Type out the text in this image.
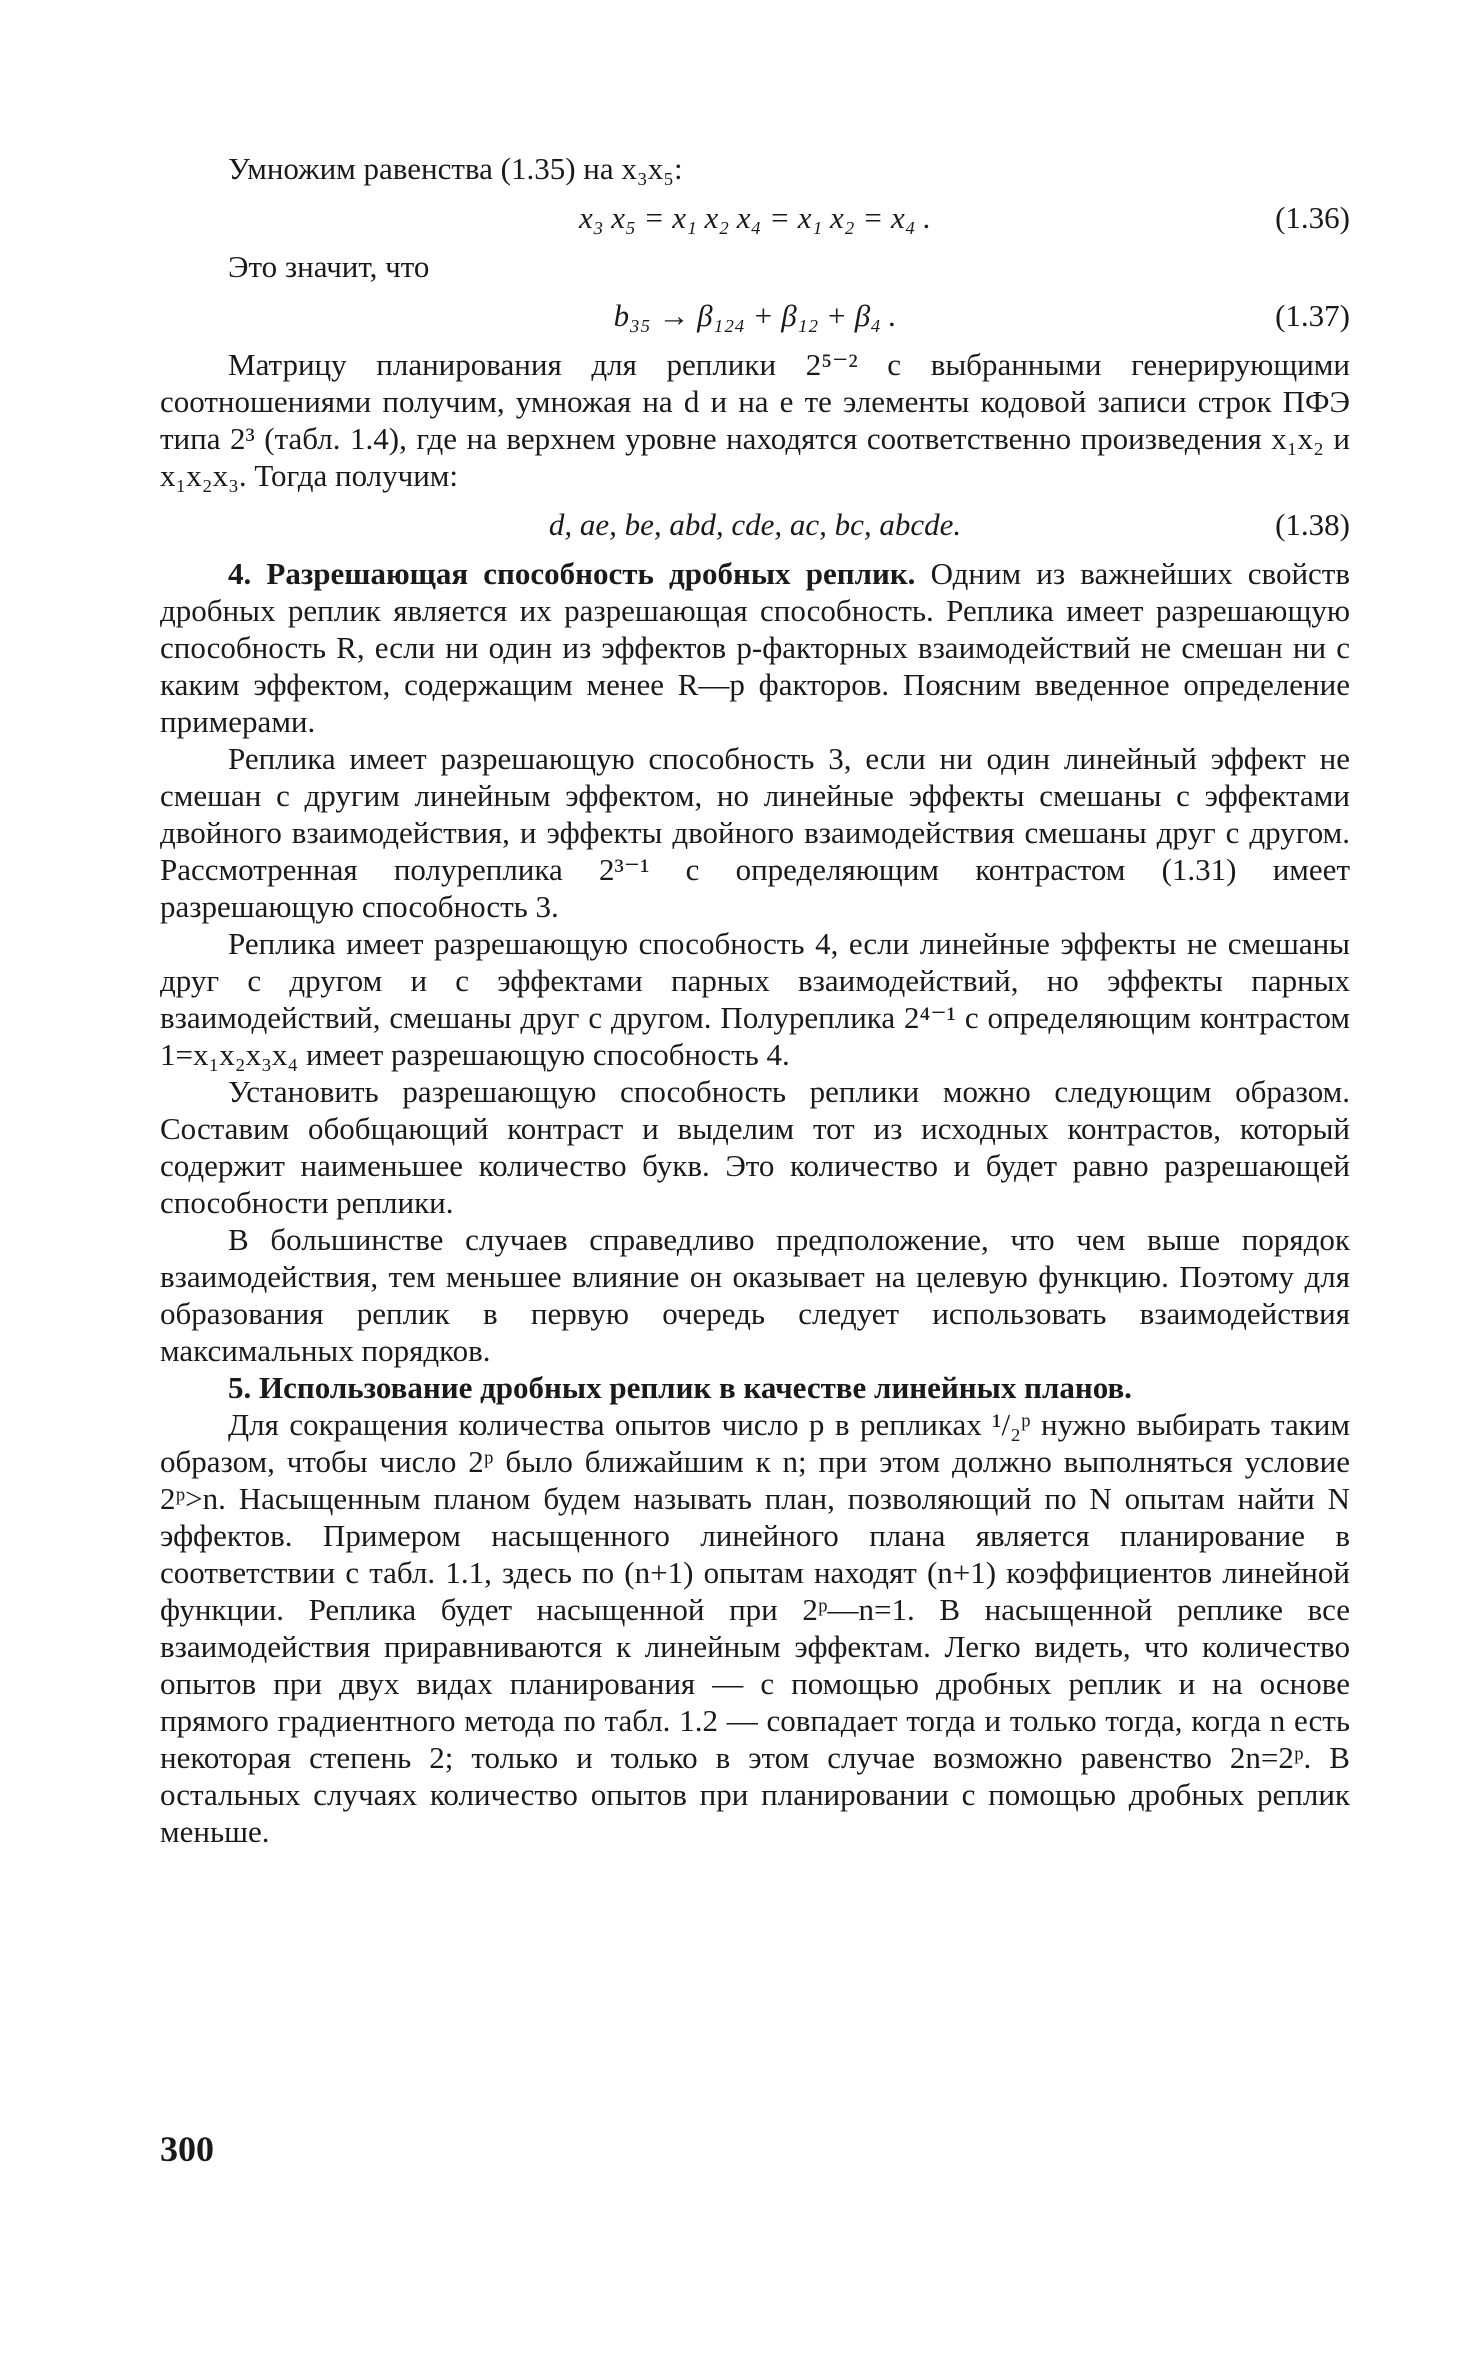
Умножим равенства (1.35) на x₃x₅:

x₃ x₅ = x₁ x₂ x₄ = x₁ x₂ = x₄ .	(1.36)

Это значит, что

b₃₅ → β₁₂₄ + β₁₂ + β₄ .	(1.37)

Матрицу планирования для реплики 2⁵⁻² с выбранными генерирующими соотношениями получим, умножая на d и на e те элементы кодовой записи строк ПФЭ типа 2³ (табл. 1.4), где на верхнем уровне находятся соответственно произведения x₁x₂ и x₁x₂x₃. Тогда получим:

d, ae, be, abd, cde, ac, bc, abcde.	(1.38)

4. Разрешающая способность дробных реплик. Одним из важнейших свойств дробных реплик является их разрешающая способность. Реплика имеет разрешающую способность R, если ни один из эффектов p-факторных взаимодействий не смешан ни с каким эффектом, содержащим менее R—p факторов. Поясним введенное определение примерами.

Реплика имеет разрешающую способность 3, если ни один линейный эффект не смешан с другим линейным эффектом, но линейные эффекты смешаны с эффектами двойного взаимодействия, и эффекты двойного взаимодействия смешаны друг с другом. Рассмотренная полуреплика 2³⁻¹ с определяющим контрастом (1.31) имеет разрешающую способность 3.

Реплика имеет разрешающую способность 4, если линейные эффекты не смешаны друг с другом и с эффектами парных взаимодействий, но эффекты парных взаимодействий, смешаны друг с другом. Полуреплика 2⁴⁻¹ с определяющим контрастом 1=x₁x₂x₃x₄ имеет разрешающую способность 4.

Установить разрешающую способность реплики можно следующим образом. Составим обобщающий контраст и выделим тот из исходных контрастов, который содержит наименьшее количество букв. Это количество и будет равно разрешающей способности реплики.

В большинстве случаев справедливо предположение, что чем выше порядок взаимодействия, тем меньшее влияние он оказывает на целевую функцию. Поэтому для образования реплик в первую очередь следует использовать взаимодействия максимальных порядков.

5. Использование дробных реплик в качестве линейных планов.

Для сокращения количества опытов число p в репликах ¹/₂ᵖ нужно выбирать таким образом, чтобы число 2ᵖ было ближайшим к n; при этом должно выполняться условие 2ᵖ>n. Насыщенным планом будем называть план, позволяющий по N опытам найти N эффектов. Примером насыщенного линейного плана является планирование в соответствии с табл. 1.1, здесь по (n+1) опытам находят (n+1) коэффициентов линейной функции. Реплика будет насыщенной при 2ᵖ—n=1. В насыщенной реплике все взаимодействия приравниваются к линейным эффектам. Легко видеть, что количество опытов при двух видах планирования — с помощью дробных реплик и на основе прямого градиентного метода по табл. 1.2 — совпадает тогда и только тогда, когда n есть некоторая степень 2; только и только в этом случае возможно равенство 2n=2ᵖ. В остальных случаях количество опытов при планировании с помощью дробных реплик меньше.

300
